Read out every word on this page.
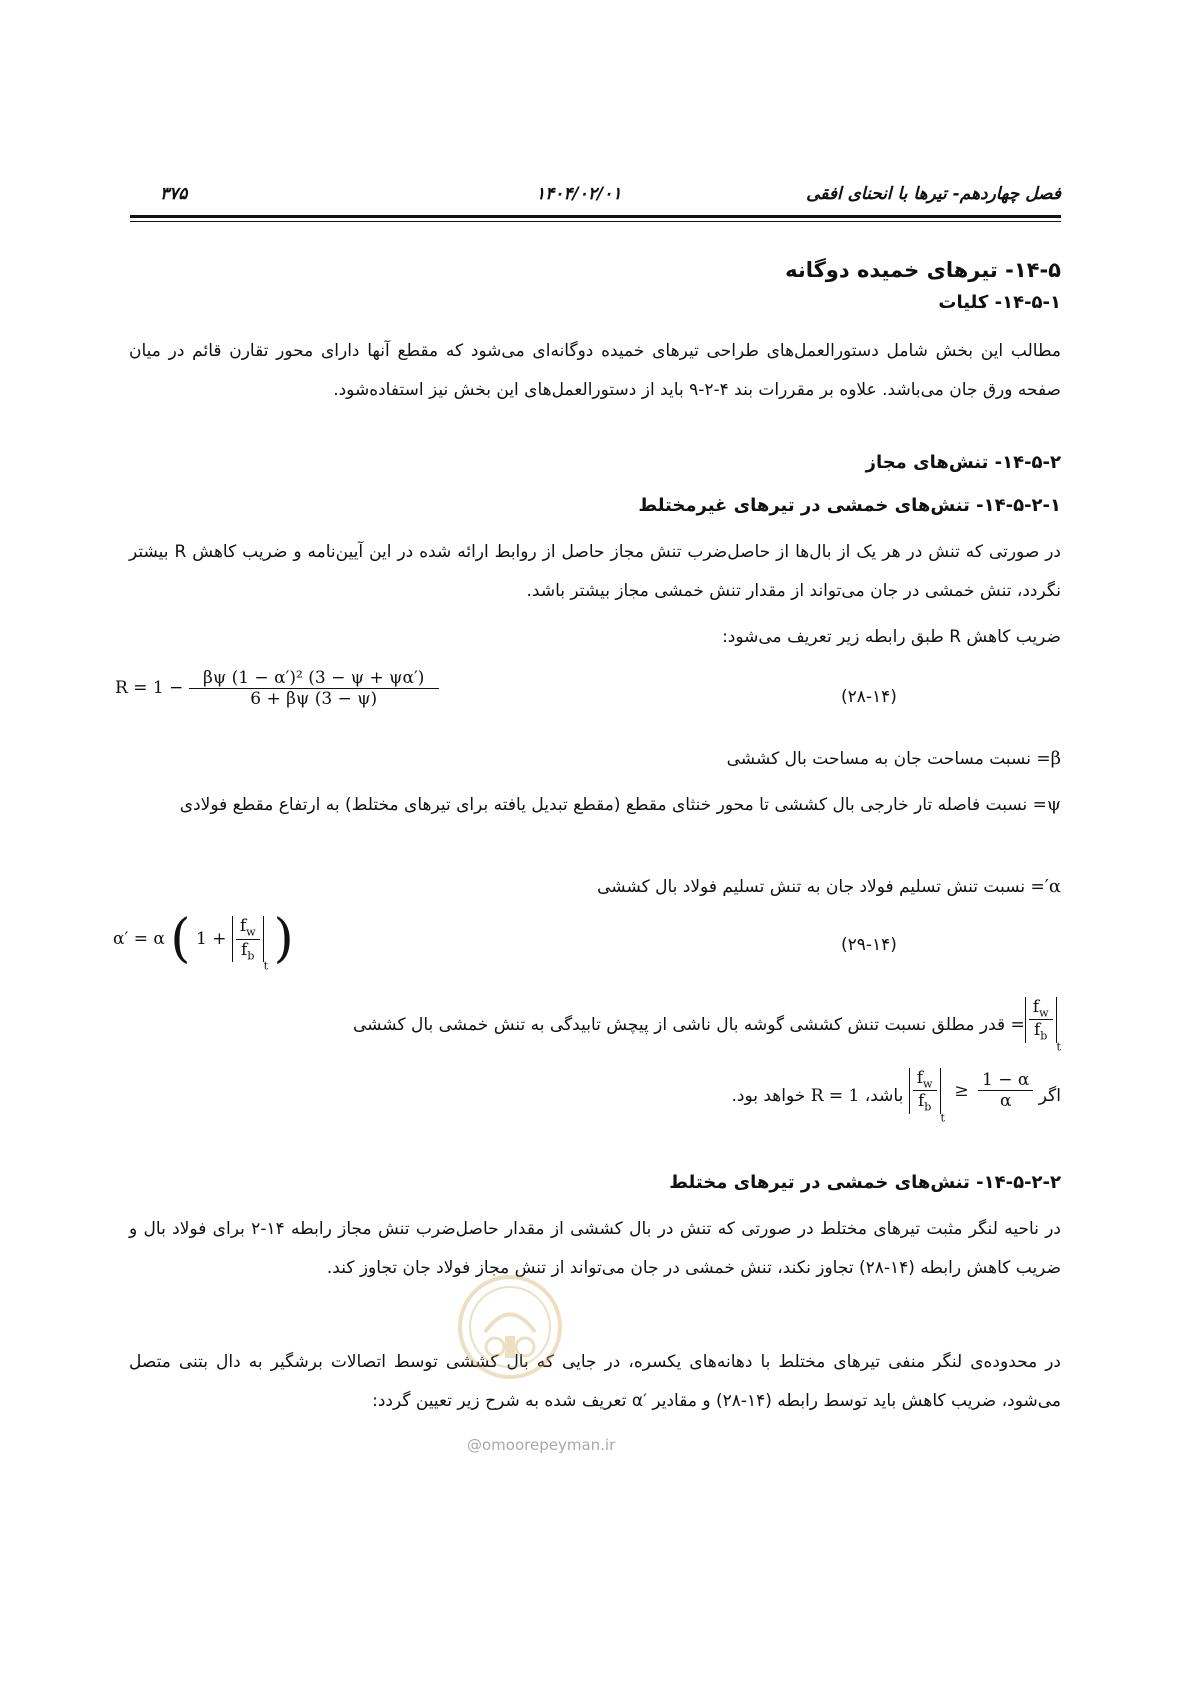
فصل چهاردهم- تیرها با انحنای افقی
۱۴۰۴/۰۲/۰۱
۳۷۵
۱۴-۵- تیرهای خمیده دوگانه
۱۴-۵-۱- کلیات
مطالب این بخش شامل دستورالعمل‌های طراحی تیرهای خمیده دوگانه‌ای می‌شود که مقطع آنها دارای محور تقارن قائم در میان صفحه ورق جان می‌باشد. علاوه بر مقررات بند ۴-۲-۹ باید از دستورالعمل‌های این بخش نیز استفاده‌شود.
۱۴-۵-۲- تنش‌های مجاز
۱۴-۵-۲-۱- تنش‌های خمشی در تیرهای غیرمختلط
در صورتی که تنش در هر یک از بال‌ها از حاصل‌ضرب تنش مجاز حاصل از روابط ارائه شده در این آیین‌نامه و ضریب کاهش R بیشتر نگردد، تنش خمشی در جان می‌تواند از مقدار تنش خمشی مجاز بیشتر باشد.
ضریب کاهش R طبق رابطه زیر تعریف می‌شود:
$R = 1 - \frac{\text{βψ (1 − α′)² (3 − ψ + ψα′)}}{6 + \beta\psi (3 - \psi)}$	(۲۸-۱۴)
β= نسبت مساحت جان به مساحت بال کششی
ψ= نسبت فاصله تار خارجی بال کششی تا محور خنثای مقطع (مقطع تبدیل یافته برای تیرهای مختلط) به ارتفاع مقطع فولادی
α′= نسبت تنش تسلیم فولاد جان به تنش تسلیم فولاد بال کششی
α′ = α ( $1 + \frac{f_w}{f_b}$
$_t$ )	(۲۹-۱۴)
$\frac{f_w}{f_b}$
$_t$= قدر مطلق نسبت تنش کششی گوشه بال ناشی از پیچش تابیدگی به تنش خمشی بال کششی
اگر
$\frac{f_w}{f_b}$
$_t \ge \frac{1 - \alpha}{\alpha}$
باشد، R = 1 خواهد بود.
۱۴-۵-۲-۲- تنش‌های خمشی در تیرهای مختلط
در ناحیه لنگر مثبت تیرهای مختلط در صورتی که تنش در بال کششی از مقدار حاصل‌ضرب تنش مجاز رابطه ۱۴-۲ برای فولاد بال و ضریب کاهش رابطه (۱۴-۲۸) تجاوز نکند، تنش خمشی در جان می‌تواند از تنش مجاز فولاد جان تجاوز کند.
در محدوده‌ی لنگر منفی تیرهای مختلط با دهانه‌های یکسره، در جایی که بال کششی توسط اتصالات برشگیر به دال بتنی متصل می‌شود، ضریب کاهش باید توسط رابطه (۱۴-۲۸) و مقادیر ′α تعریف شده به شرح زیر تعیین گردد:
@omoorepeyman.ir
